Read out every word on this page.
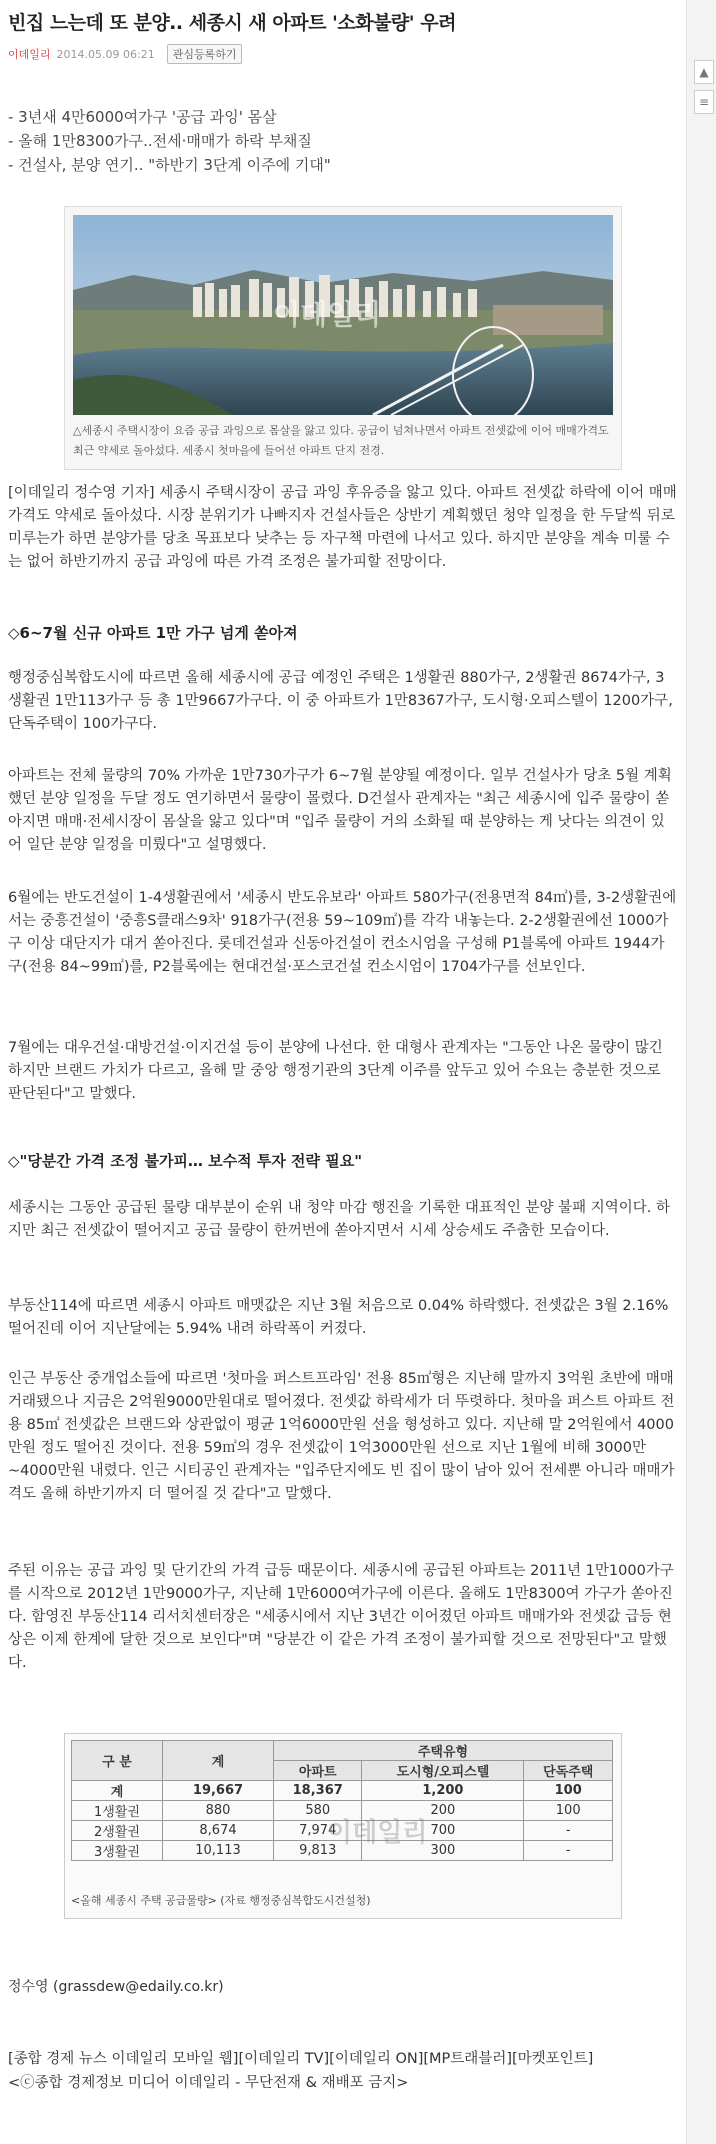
▲
≡
빈집 느는데 또 분양.. 세종시 새 아파트 '소화불량' 우려
이데일리 2014.05.09 06:21	관심등록하기
- 3년새 4만6000여가구 '공급 과잉' 몸살
- 올해 1만8300가구..전세·매매가 하락 부채질
- 건설사, 분양 연기.. "하반기 3단계 이주에 기대"
이데일리
△세종시 주택시장이 요즘 공급 과잉으로 몸살을 앓고 있다. 공급이 넘쳐나면서 아파트 전셋값에 이어 매매가격도 최근 약세로 돌아섰다. 세종시 첫마을에 들어선 아파트 단지 전경.
[이데일리 정수영 기자] 세종시 주택시장이 공급 과잉 후유증을 앓고 있다. 아파트 전셋값 하락에 이어 매매가격도 약세로 돌아섰다. 시장 분위기가 나빠지자 건설사들은 상반기 계획했던 청약 일정을 한 두달씩 뒤로 미루는가 하면 분양가를 당초 목표보다 낮추는 등 자구책 마련에 나서고 있다. 하지만 분양을 계속 미룰 수는 없어 하반기까지 공급 과잉에 따른 가격 조정은 불가피할 전망이다.
◇6~7월 신규 아파트 1만 가구 넘게 쏟아져
행정중심복합도시에 따르면 올해 세종시에 공급 예정인 주택은 1생활권 880가구, 2생활권 8674가구, 3생활권 1만113가구 등 총 1만9667가구다. 이 중 아파트가 1만8367가구, 도시형·오피스텔이 1200가구, 단독주택이 100가구다.
아파트는 전체 물량의 70% 가까운 1만730가구가 6~7월 분양될 예정이다. 일부 건설사가 당초 5월 계획했던 분양 일정을 두달 정도 연기하면서 물량이 몰렸다. D건설사 관계자는 "최근 세종시에 입주 물량이 쏟아지면 매매·전세시장이 몸살을 앓고 있다"며 "입주 물량이 거의 소화될 때 분양하는 게 낫다는 의견이 있어 일단 분양 일정을 미뤘다"고 설명했다.
6월에는 반도건설이 1-4생활권에서 '세종시 반도유보라' 아파트 580가구(전용면적 84㎡)를, 3-2생활권에서는 중흥건설이 '중흥S클래스9차' 918가구(전용 59~109㎡)를 각각 내놓는다. 2-2생활권에선 1000가구 이상 대단지가 대거 쏟아진다. 롯데건설과 신동아건설이 컨소시엄을 구성해 P1블록에 아파트 1944가구(전용 84~99㎡)를, P2블록에는 현대건설·포스코건설 컨소시엄이 1704가구를 선보인다.
7월에는 대우건설·대방건설·이지건설 등이 분양에 나선다. 한 대형사 관계자는 "그동안 나온 물량이 많긴 하지만 브랜드 가치가 다르고, 올해 말 중앙 행정기관의 3단계 이주를 앞두고 있어 수요는 충분한 것으로 판단된다"고 말했다.
◇"당분간 가격 조정 불가피… 보수적 투자 전략 필요"
세종시는 그동안 공급된 물량 대부분이 순위 내 청약 마감 행진을 기록한 대표적인 분양 불패 지역이다. 하지만 최근 전셋값이 떨어지고 공급 물량이 한꺼번에 쏟아지면서 시세 상승세도 주춤한 모습이다.
부동산114에 따르면 세종시 아파트 매맷값은 지난 3월 처음으로 0.04% 하락했다. 전셋값은 3월 2.16% 떨어진데 이어 지난달에는 5.94% 내려 하락폭이 커졌다.
인근 부동산 중개업소들에 따르면 '첫마을 퍼스트프라임' 전용 85㎡형은 지난해 말까지 3억원 초반에 매매 거래됐으나 지금은 2억원9000만원대로 떨어졌다. 전셋값 하락세가 더 뚜렷하다. 첫마을 퍼스트 아파트 전용 85㎡ 전셋값은 브랜드와 상관없이 평균 1억6000만원 선을 형성하고 있다. 지난해 말 2억원에서 4000만원 정도 떨어진 것이다. 전용 59㎡의 경우 전셋값이 1억3000만원 선으로 지난 1월에 비해 3000만~4000만원 내렸다. 인근 시티공인 관계자는 "입주단지에도 빈 집이 많이 남아 있어 전세뿐 아니라 매매가격도 올해 하반기까지 더 떨어질 것 같다"고 말했다.
주된 이유는 공급 과잉 및 단기간의 가격 급등 때문이다. 세종시에 공급된 아파트는 2011년 1만1000가구를 시작으로 2012년 1만9000가구, 지난해 1만6000여가구에 이른다. 올해도 1만8300여 가구가 쏟아진다. 함영진 부동산114 리서치센터장은 "세종시에서 지난 3년간 이어졌던 아파트 매매가와 전셋값 급등 현상은 이제 한계에 달한 것으로 보인다"며 "당분간 이 같은 가격 조정이 불가피할 것으로 전망된다"고 말했다.
구 분	계	주택유형		
		아파트	도시형/오피스텔	단독주택
계	19,667	18,367	1,200	100
1생활권	880	580	200	100
2생활권	8,674	7,974	700	-
3생활권	10,113	9,813	300	-
이데일리
<올해 세종시 주택 공급물량> (자료 행정중심복합도시건설청)
정수영 (grassdew@edaily.co.kr)
[종합 경제 뉴스 이데일리 모바일 웹][이데일리 TV][이데일리 ON][MP트래블러][마켓포인트]
<ⓒ종합 경제정보 미디어 이데일리 - 무단전재 & 재배포 금지>
